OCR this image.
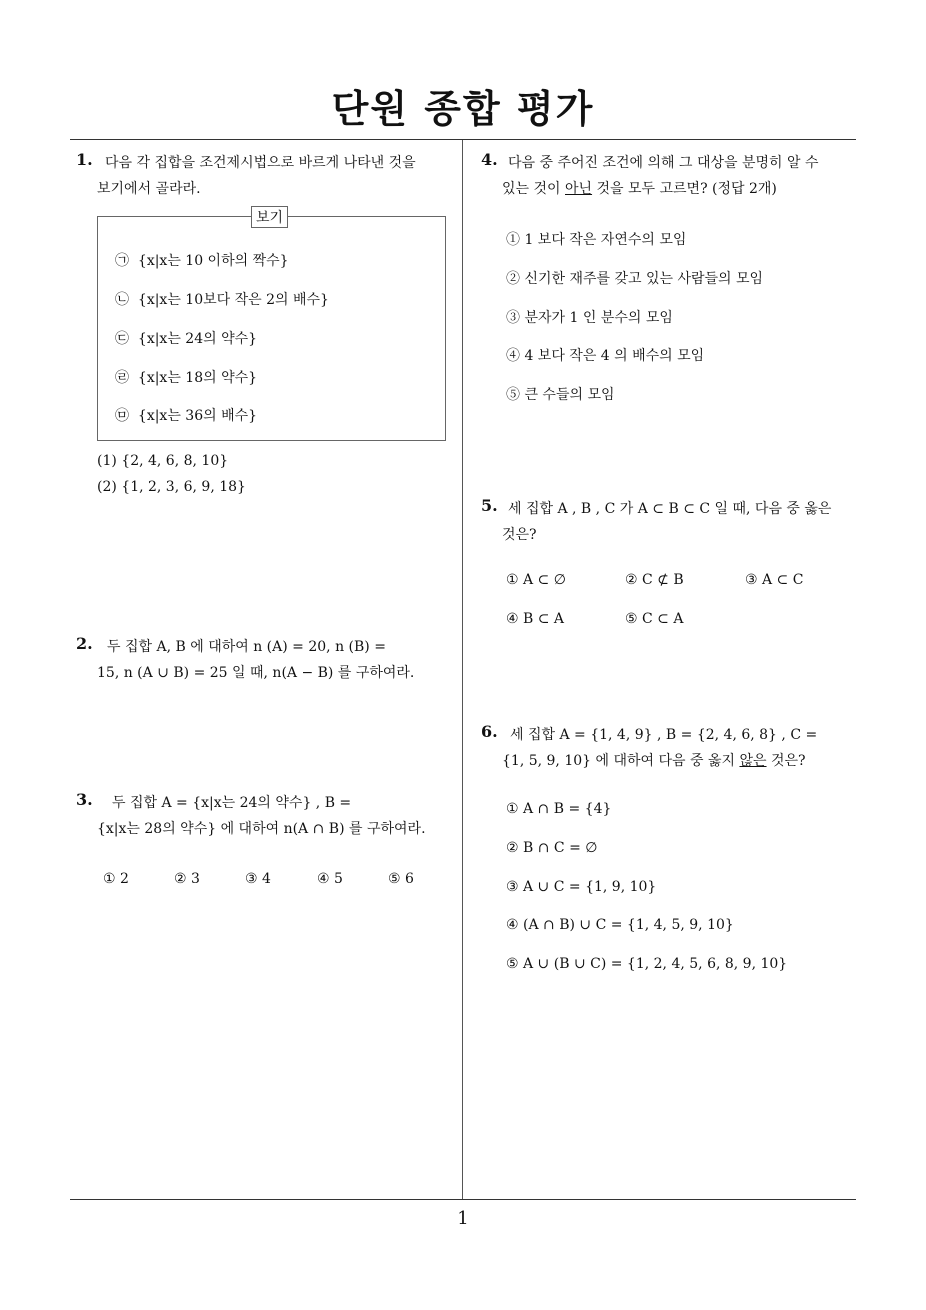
단원 종합 평가
1. 다음 각 집합을 조건제시법으로 바르게 나타낸 것을
보기에서 골라라.
보기
㉠ {x|x는 10 이하의 짝수}
㉡ {x|x는 10보다 작은 2의 배수}
㉢ {x|x는 24의 약수}
㉣ {x|x는 18의 약수}
㉤ {x|x는 36의 배수}
(1) {2, 4, 6, 8, 10}
(2) {1, 2, 3, 6, 9, 18}
2. 두 집합 A, B 에 대하여 n (A) = 20, n (B) =
15, n (A ∪ B) = 25 일 때, n(A − B) 를 구하여라.
3. 두 집합 A = {x|x는 24의 약수} , B =
{x|x는 28의 약수} 에 대하여 n(A ∩ B) 를 구하여라.
① 2	② 3	③ 4	④ 5	⑤ 6
4. 다음 중 주어진 조건에 의해 그 대상을 분명히 알 수
있는 것이 아닌 것을 모두 고르면? (정답 2개)
① 1 보다 작은 자연수의 모임
② 신기한 재주를 갖고 있는 사람들의 모임
③ 분자가 1 인 분수의 모임
④ 4 보다 작은 4 의 배수의 모임
⑤ 큰 수들의 모임
5. 세 집합 A , B , C 가 A ⊂ B ⊂ C 일 때, 다음 중 옳은
것은?
① A ⊂ ∅	② C ⊄ B	③ A ⊂ C
④ B ⊂ A	⑤ C ⊂ A
6. 세 집합 A = {1, 4, 9} , B = {2, 4, 6, 8} , C =
{1, 5, 9, 10} 에 대하여 다음 중 옳지 않은 것은?
① A ∩ B = {4}
② B ∩ C = ∅
③ A ∪ C = {1, 9, 10}
④ (A ∩ B) ∪ C = {1, 4, 5, 9, 10}
⑤ A ∪ (B ∪ C) = {1, 2, 4, 5, 6, 8, 9, 10}
1
